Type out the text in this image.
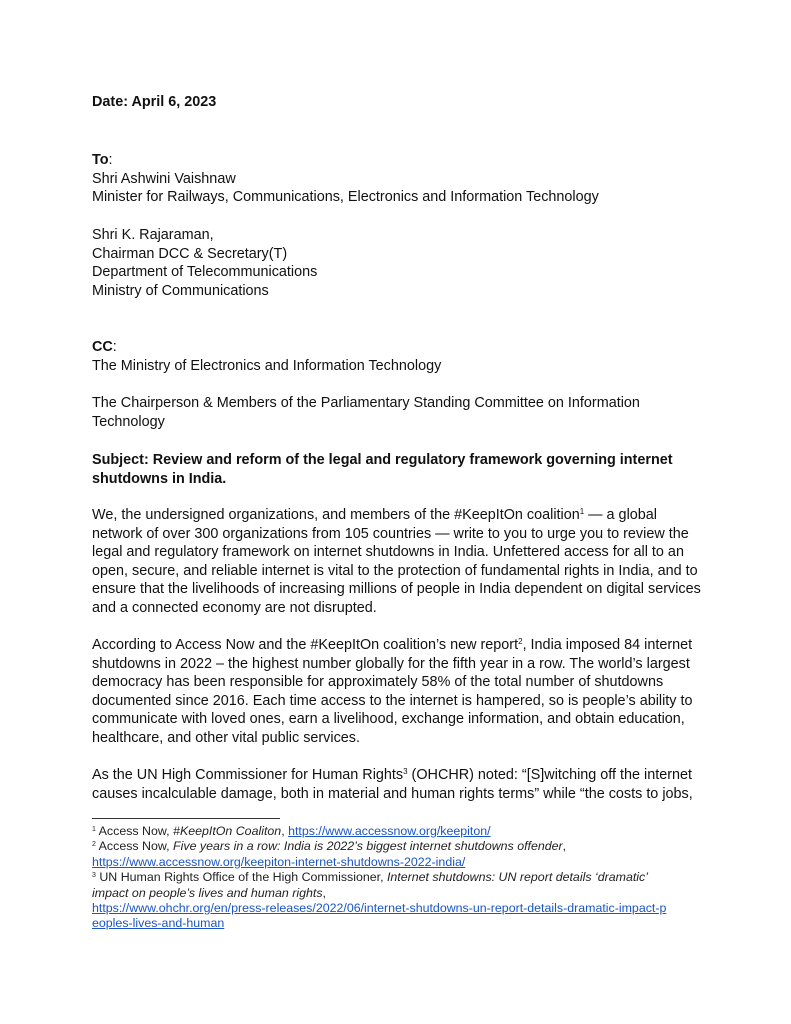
Date: April 6, 2023
To:
Shri Ashwini Vaishnaw
Minister for Railways, Communications, Electronics and Information Technology
Shri K. Rajaraman,
Chairman DCC & Secretary(T)
Department of Telecommunications
Ministry of Communications
CC:
The Ministry of Electronics and Information Technology
The Chairperson & Members of the Parliamentary Standing Committee on Information
Technology
Subject: Review and reform of the legal and regulatory framework governing internet
shutdowns in India.
We, the undersigned organizations, and members of the #KeepItOn coalition$^1$ — a global
network of over 300 organizations from 105 countries — write to you to urge you to review the
legal and regulatory framework on internet shutdowns in India. Unfettered access for all to an
open, secure, and reliable internet is vital to the protection of fundamental rights in India, and to
ensure that the livelihoods of increasing millions of people in India dependent on digital services
and a connected economy are not disrupted.
According to Access Now and the #KeepItOn coalition’s new report$^2$, India imposed 84 internet
shutdowns in 2022 – the highest number globally for the fifth year in a row. The world’s largest
democracy has been responsible for approximately 58% of the total number of shutdowns
documented since 2016. Each time access to the internet is hampered, so is people’s ability to
communicate with loved ones, earn a livelihood, exchange information, and obtain education,
healthcare, and other vital public services.
As the UN High Commissioner for Human Rights$^3$ (OHCHR) noted: “[S]witching off the internet
causes incalculable damage, both in material and human rights terms” while “the costs to jobs,
$^1$ Access Now, #KeepItOn Coaliton, https://www.accessnow.org/keepiton/
$^2$ Access Now, Five years in a row: India is 2022’s biggest internet shutdowns offender,
https://www.accessnow.org/keepiton-internet-shutdowns-2022-india/
$^3$ UN Human Rights Office of the High Commissioner, Internet shutdowns: UN report details ‘dramatic’
impact on people’s lives and human rights,
https://www.ohchr.org/en/press-releases/2022/06/internet-shutdowns-un-report-details-dramatic-impact-p
eoples-lives-and-human
